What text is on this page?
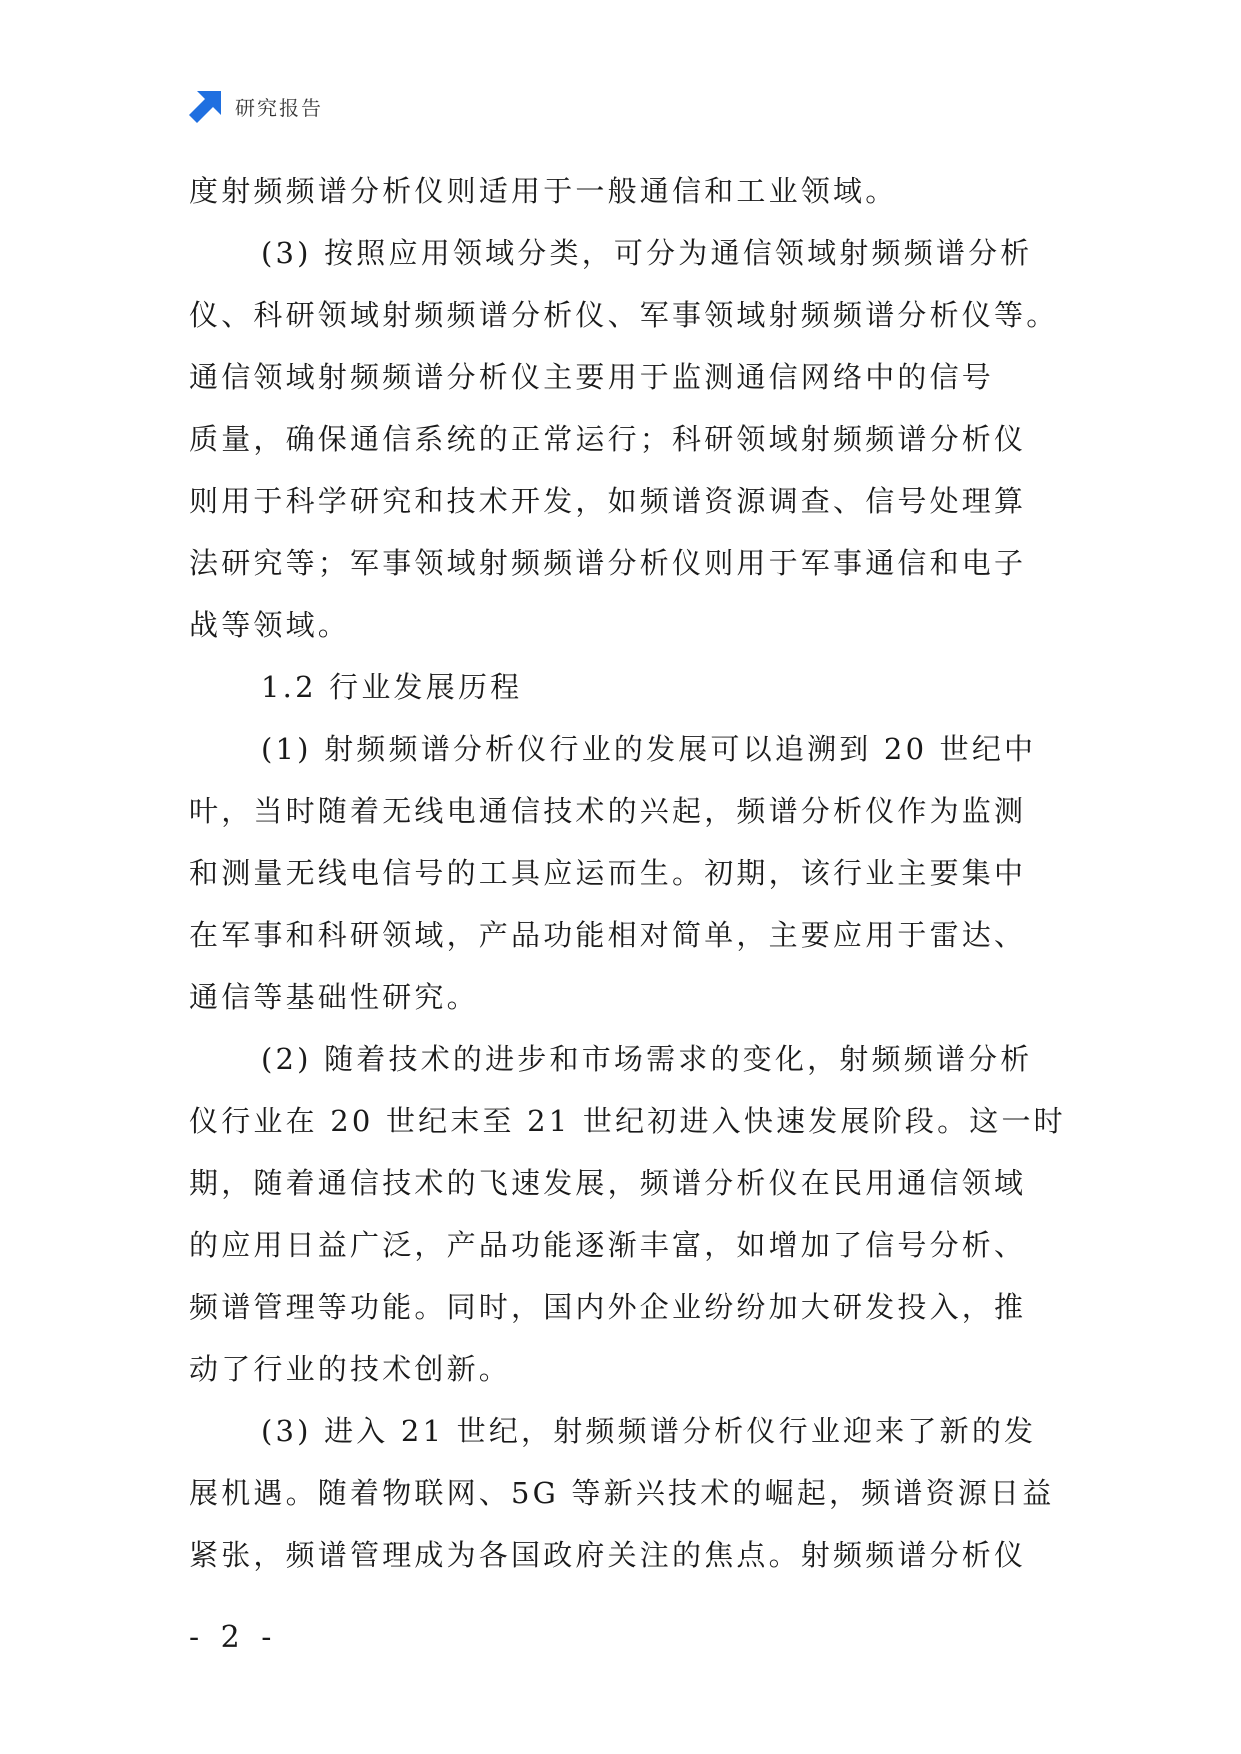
研究报告
度射频频谱分析仪则适用于一般通信和工业领域。
(3) 按照应用领域分类，可分为通信领域射频频谱分析
仪、科研领域射频频谱分析仪、军事领域射频频谱分析仪等。
通信领域射频频谱分析仪主要用于监测通信网络中的信号
质量，确保通信系统的正常运行；科研领域射频频谱分析仪
则用于科学研究和技术开发，如频谱资源调查、信号处理算
法研究等；军事领域射频频谱分析仪则用于军事通信和电子
战等领域。
1.2 行业发展历程
(1) 射频频谱分析仪行业的发展可以追溯到 20 世纪中
叶，当时随着无线电通信技术的兴起，频谱分析仪作为监测
和测量无线电信号的工具应运而生。初期，该行业主要集中
在军事和科研领域，产品功能相对简单，主要应用于雷达、
通信等基础性研究。
(2) 随着技术的进步和市场需求的变化，射频频谱分析
仪行业在 20 世纪末至 21 世纪初进入快速发展阶段。这一时
期，随着通信技术的飞速发展，频谱分析仪在民用通信领域
的应用日益广泛，产品功能逐渐丰富，如增加了信号分析、
频谱管理等功能。同时，国内外企业纷纷加大研发投入，推
动了行业的技术创新。
(3) 进入 21 世纪，射频频谱分析仪行业迎来了新的发
展机遇。随着物联网、5G 等新兴技术的崛起，频谱资源日益
紧张，频谱管理成为各国政府关注的焦点。射频频谱分析仪
- 2 -
